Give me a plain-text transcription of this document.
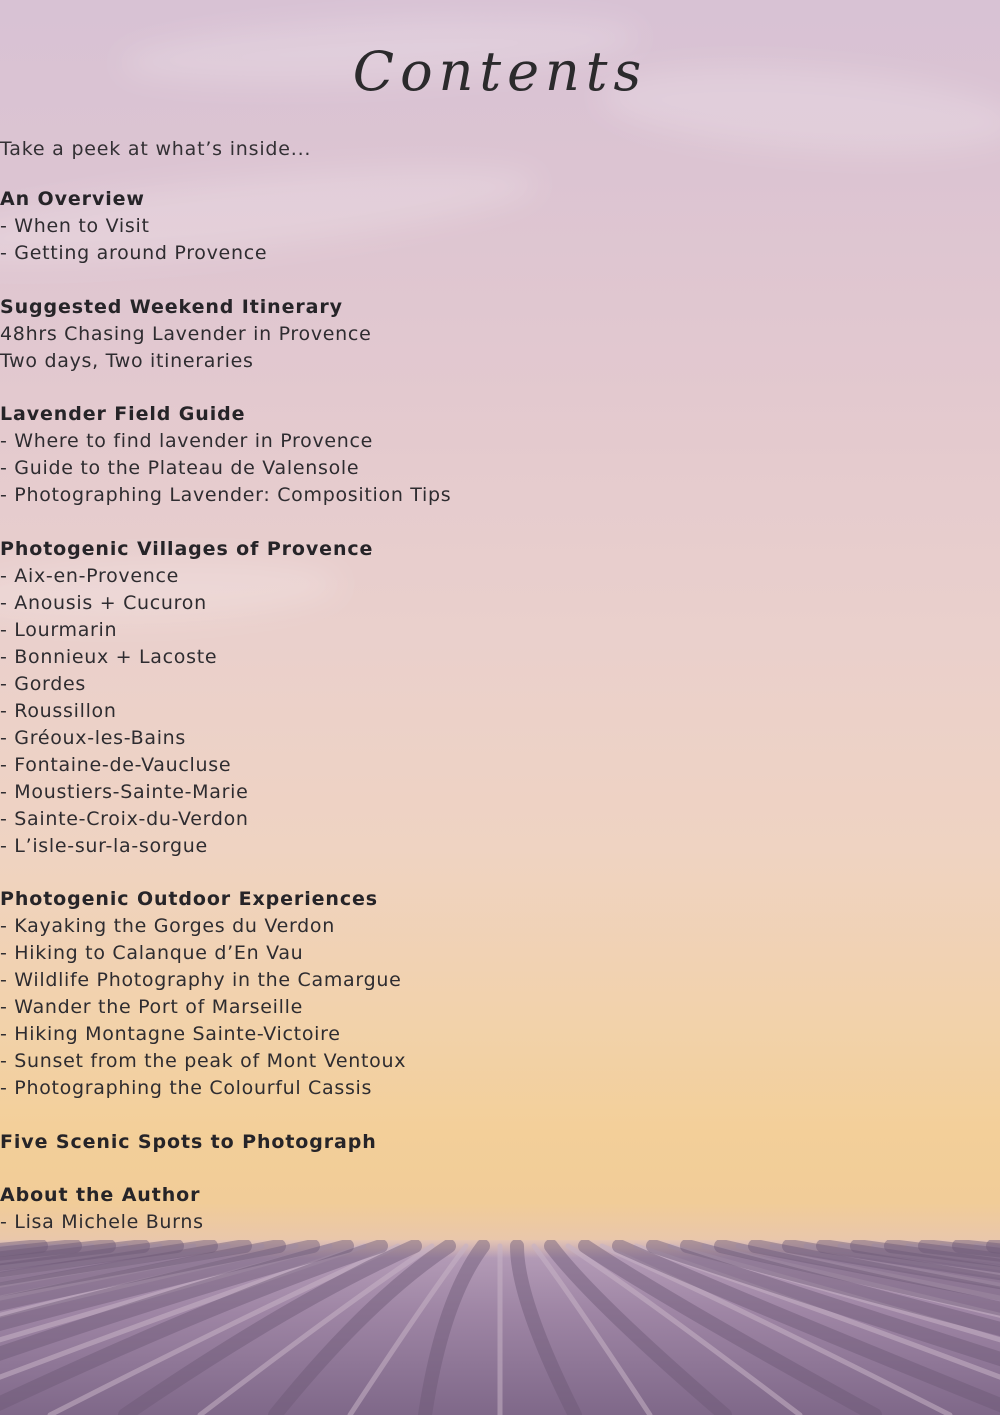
Contents
Take a peek at what’s inside...
An Overview
- When to Visit
- Getting around Provence
Suggested Weekend Itinerary
48hrs Chasing Lavender in Provence
Two days, Two itineraries
Lavender Field Guide
- Where to find lavender in Provence
- Guide to the Plateau de Valensole
- Photographing Lavender: Composition Tips
Photogenic Villages of Provence
- Aix-en-Provence
- Anousis + Cucuron
- Lourmarin
- Bonnieux + Lacoste
- Gordes
- Roussillon
- Gréoux-les-Bains
- Fontaine-de-Vaucluse
- Moustiers-Sainte-Marie
- Sainte-Croix-du-Verdon
- L’isle-sur-la-sorgue
Photogenic Outdoor Experiences
- Kayaking the Gorges du Verdon
- Hiking to Calanque d’En Vau
- Wildlife Photography in the Camargue
- Wander the Port of Marseille
- Hiking Montagne Sainte-Victoire
- Sunset from the peak of Mont Ventoux
- Photographing the Colourful Cassis
Five Scenic Spots to Photograph
About the Author
- Lisa Michele Burns
